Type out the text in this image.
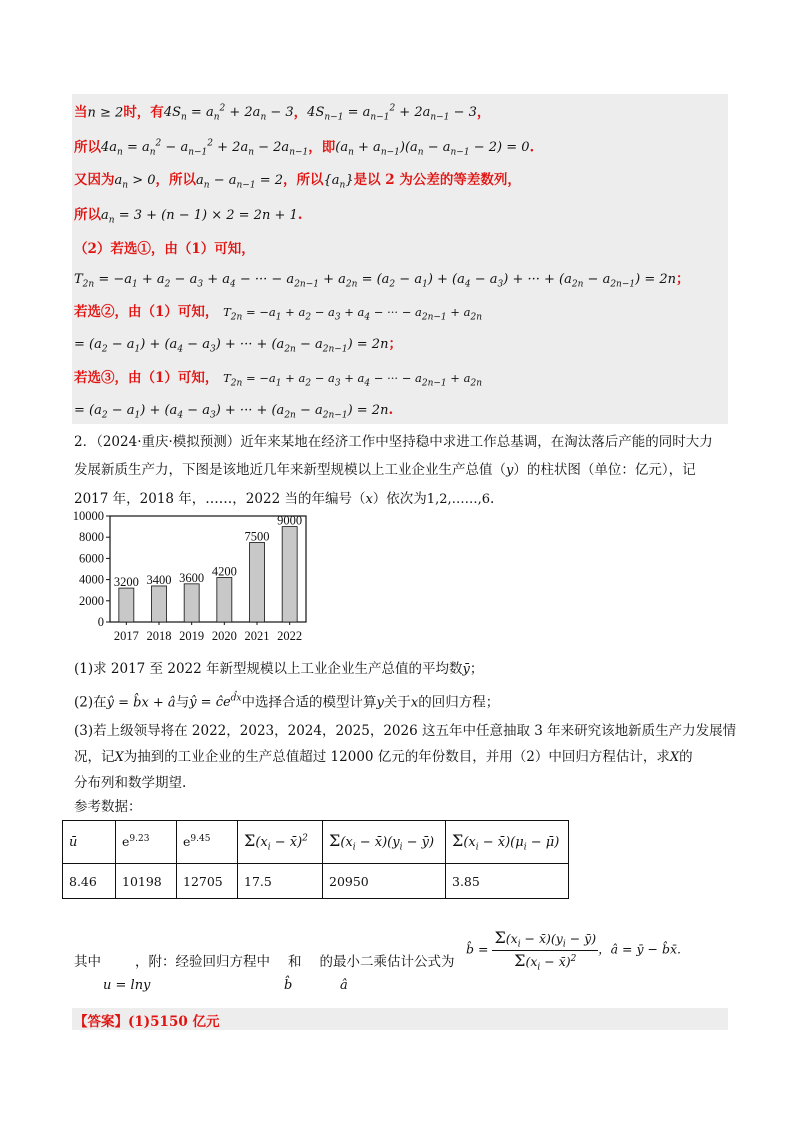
当n ≥ 2时，有$4S_n = a_n^2 + 2a_n - 3$，$4S_{n-1} = a_{n-1}^2 + 2a_{n-1} - 3$，
所以$4a_n = a_n^2 - a_{n-1}^2 + 2a_n - 2a_{n-1}$，即$(a_n + a_{n-1})(a_n - a_{n-1} - 2) = 0$.
又因为$a_n > 0$，所以$a_n - a_{n-1} = 2$，所以$\{a_n\}$是以 2 为公差的等差数列，
所以$a_n = 3 + (n - 1) \times 2 = 2n + 1$.
（2）若选①，由（1）可知，
$T_{2n} = -a_1 + a_2 - a_3 + a_4$ − ··· − $a_{2n-1} + a_{2n} = (a_2 - a_1) + (a_4 - a_3)$ + ··· + $(a_{2n} - a_{2n-1}) = 2n$；
若选②，由（1）可知， $T_{2n} = -a_1 + a_2 - a_3 + a_4$ − ··· − $a_{2n-1} + a_{2n}$
= $(a_2 - a_1) + (a_4 - a_3)$ + ··· + $(a_{2n} - a_{2n-1}) = 2n$；
若选③，由（1）可知， $T_{2n} = -a_1 + a_2 - a_3 + a_4$ − ··· − $a_{2n-1} + a_{2n}$
= $(a_2 - a_1) + (a_4 - a_3)$ + ··· + $(a_{2n} - a_{2n-1}) = 2n$.
2．（2024·重庆·模拟预测）近年来某地在经济工作中坚持稳中求进工作总基调，在淘汰落后产能的同时大力发展新质生产力，下图是该地近几年来新型规模以上工业企业生产总值（y）的柱状图（单位：亿元），记 2017 年，2018 年，……，2022 当的年编号（x）依次为1,2,……,6.
0
2000
4000
6000
8000
10000
3200
2017
3400
2018
3600
2019
4200
2020
7500
2021
9000
2022
(1)求 2017 至 2022 年新型规模以上工业企业生产总值的平均数ȳ；
(2)在ŷ = b̂x + â与ŷ = $ĉe^{d̂x}$中选择合适的模型计算y关于x的回归方程；
(3)若上级领导将在 2022，2023，2024，2025，2026 这五年中任意抽取 3 年来研究该地新质生产力发展情
况，记X为抽到的工业企业的生产总值超过 12000 亿元的年份数目，并用（2）中回归方程估计，求X的
分布列和数学期望.
参考数据：
ū	$e^{9.23}$	$e^{9.45}$	$\Sigma(x_i$ − x̄)$^2$	$\Sigma(x_i$ − $x̄)(y_i$ − ȳ)	$\Sigma(x_i$ − $x̄)(\mu_i$ − μ̄)
8.46	10198	12705	17.5	20950	3.85
其中	，附：经验回归方程中 和 的最小二乘估计公式为
u = lny	b̂	â
b̂ = $\frac{\Sigma(x_i - x̄)(y_i - ȳ)}{\Sigma(x_i - x̄)^2}$ ，â = ȳ − b̂x̄.
【答案】(1)5150 亿元
